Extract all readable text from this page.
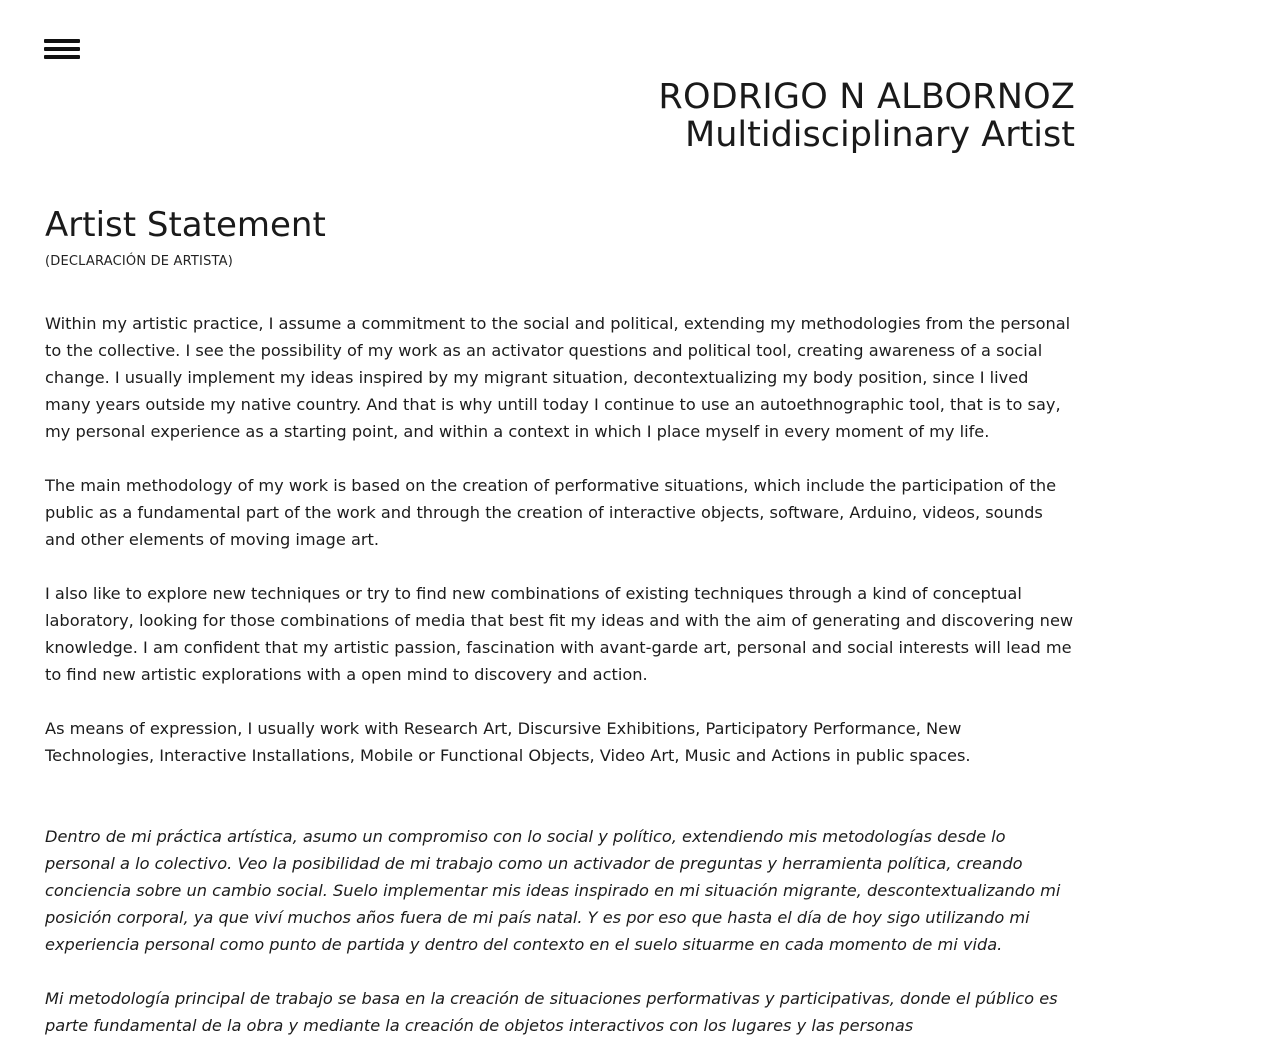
RODRIGO N ALBORNOZ
Multidisciplinary Artist
Artist Statement
(DECLARACIÓN DE ARTISTA)

Within my artistic practice, I assume a commitment to the social and political, extending my methodologies from the personal to the collective. I see the possibility of my work as an activator questions and political tool, creating awareness of a social change. I usually implement my ideas inspired by my migrant situation, decontextualizing my body position, since I lived many years outside my native country. And that is why untill today I continue to use an autoethnographic tool, that is to say, my personal experience as a starting point, and within a context in which I place myself in every moment of my life.

The main methodology of my work is based on the creation of performative situations, which include the participation of the public as a fundamental part of the work and through the creation of interactive objects, software, Arduino, videos, sounds and other elements of moving image art.

I also like to explore new techniques or try to find new combinations of existing techniques through a kind of conceptual laboratory, looking for those combinations of media that best fit my ideas and with the aim of generating and discovering new knowledge. I am confident that my artistic passion, fascination with avant-garde art, personal and social interests will lead me to find new artistic explorations with a open mind to discovery and action.

As means of expression, I usually work with Research Art, Discursive Exhibitions, Participatory Performance, New Technologies, Interactive Installations, Mobile or Functional Objects, Video Art, Music and Actions in public spaces.

Dentro de mi práctica artística, asumo un compromiso con lo social y político, extendiendo mis metodologías desde lo personal a lo colectivo. Veo la posibilidad de mi trabajo como un activador de preguntas y herramienta política, creando conciencia sobre un cambio social. Suelo implementar mis ideas inspirado en mi situación migrante, descontextualizando mi posición corporal, ya que viví muchos años fuera de mi país natal. Y es por eso que hasta el día de hoy sigo utilizando mi experiencia personal como punto de partida y dentro del contexto en el suelo situarme en cada momento de mi vida.

Mi metodología principal de trabajo se basa en la creación de situaciones performativas y participativas, donde el público es parte fundamental de la obra y mediante la creación de objetos interactivos con los lugares y las personas
